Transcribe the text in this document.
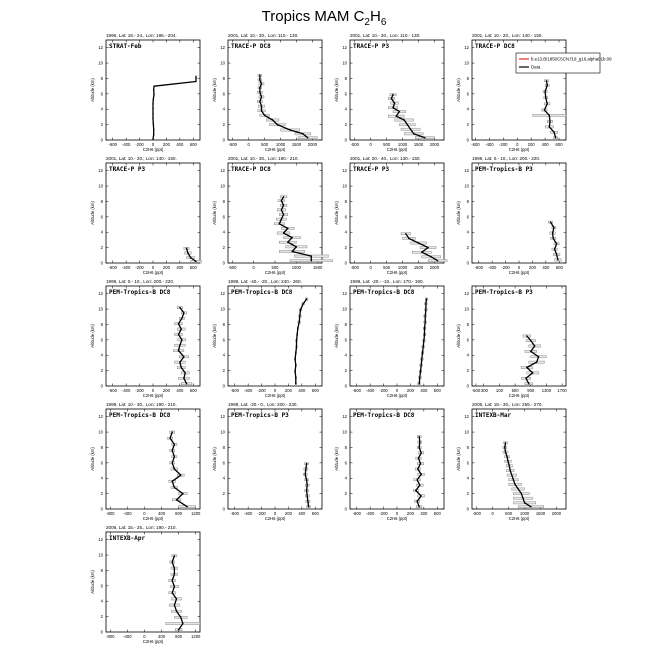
Tropics MAM $C_2H_6$
1996, Lat: 18.- 24., Lon: 196.- 204.
STRAT-Feb
0
2
4
6
8
10
12
-600 -400 -200 0 200 400 600
C2H6 (ppt)
Altitude (km)
2001, Lat: 10.- 30., Lon: 110.- 130.
TRACE-P DC8
0
2
4
6
8
10
12
-500	0	500 1000 1500 2000
C2H6 (ppt)
Altitude (km)
2001, Lat: 10.- 30., Lon: 110.- 130.
TRACE-P P3
0
2
4
6
8
10
12
-500	0	500 1000 1500 2000
C2H6 (ppt)
Altitude (km)
2001, Lat: 10.- 20., Lon: 140.- 150.
TRACE-P DC8
0
2
4
6
8
10
12
-600 -400 -200 0 200 400 600
C2H6 (ppt)
Altitude (km)
b.e13.BI1850C5CN.f19_g16.alpha01b.09
Data
2001, Lat: 10.- 20., Lon: 140.- 150.
TRACE-P P3
0
2
4
6
8
10
12
-600 -400 -200 0 200 400 600
C2H6 (ppt)
Altitude (km)
2001, Lat: 10.- 30., Lon: 190.- 210.
TRACE-P DC8
0
2
4
6
8
10
12
-500	0	500	1000	1500
C2H6 (ppt)
Altitude (km)
2001, Lat: 20.- 40., Lon: 130.- 150.
TRACE-P P3
0
2
4
6
8
10
12
-500	0	500 1000 1500 2000
C2H6 (ppt)
Altitude (km)
1999, Lat: 0.- 10., Lon: 200.- 220.
PEM-Tropics-B P3
0
2
4
6
8
10
12
-600 -400 -200 0 200 400 600
C2H6 (ppt)
Altitude (km)
1999, Lat: 0.- 10., Lon: 200.- 220.
PEM-Tropics-B DC8
0
2
4
6
8
10
12
-600 -400 -200 0 200 400 600
C2H6 (ppt)
Altitude (km)
1999, Lat: -40.- -20., Lon: 240.- 260.
PEM-Tropics-B DC8
0
2
4
6
8
10
12
-600 -400 -200 0 200 400 600
C2H6 (ppt)
Altitude (km)
1999, Lat: -20.- -10., Lon: 170.- 190.
PEM-Tropics-B DC8
0
2
4
6
8
10
12
-600 -400 -200 0 200 400 600
C2H6 (ppt)
Altitude (km)
PEM-Tropics-B P3
0
2
4
6
8
10
12
-500 -300 100 500 900 1300 1700
C2H6 (ppt)
Altitude (km)
1999, Lat: 10.- 30., Lon: 190.- 210.
PEM-Tropics-B DC8
0
2
4
6
8
10
12
-800 -400	0	400 800 1200
C2H6 (ppt)
Altitude (km)
1999, Lat: -20.- 0., Lon: 200.- 230.
PEM-Tropics-B P3
0
2
4
6
8
10
12
-600 -400 -200 0 200 400 600
C2H6 (ppt)
Altitude (km)
PEM-Tropics-B DC8
0
2
4
6
8
10
12
-600 -400 -200 0 200 400 600
C2H6 (ppt)
Altitude (km)
2006, Lat: 18.- 30., Lon: 255.- 270.
INTEXB-Mar
0
2
4
6
8
10
12
-500	0	500 1000 1500 2000
C2H6 (ppt)
Altitude (km)
2006, Lat: 15.- 25., Lon: 190.- 210.
INTEXB-Apr
0
2
4
6
8
10
12
-800 -400	0	400 800 1200
C2H6 (ppt)
Altitude (km)
